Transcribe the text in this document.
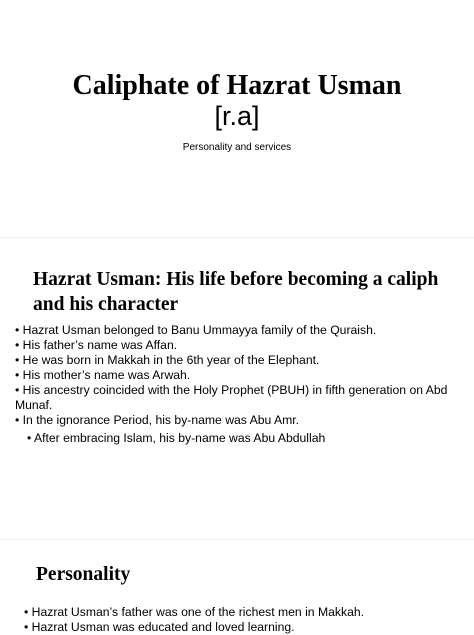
Caliphate of Hazrat Usman
[r.a]
Personality and services
Hazrat Usman: His life before becoming a caliph and his character
• Hazrat Usman belonged to Banu Ummayya family of the Quraish.
• His father’s name was Affan.
• He was born in Makkah in the 6th year of the Elephant.
• His mother’s name was Arwah.
• His ancestry coincided with the Holy Prophet (PBUH) in fifth generation on Abd Munaf.
• In the ignorance Period, his by-name was Abu Amr.
• After embracing Islam, his by-name was Abu Abdullah
Personality
• Hazrat Usman’s father was one of the richest men in Makkah.
• Hazrat Usman was educated and loved learning.
